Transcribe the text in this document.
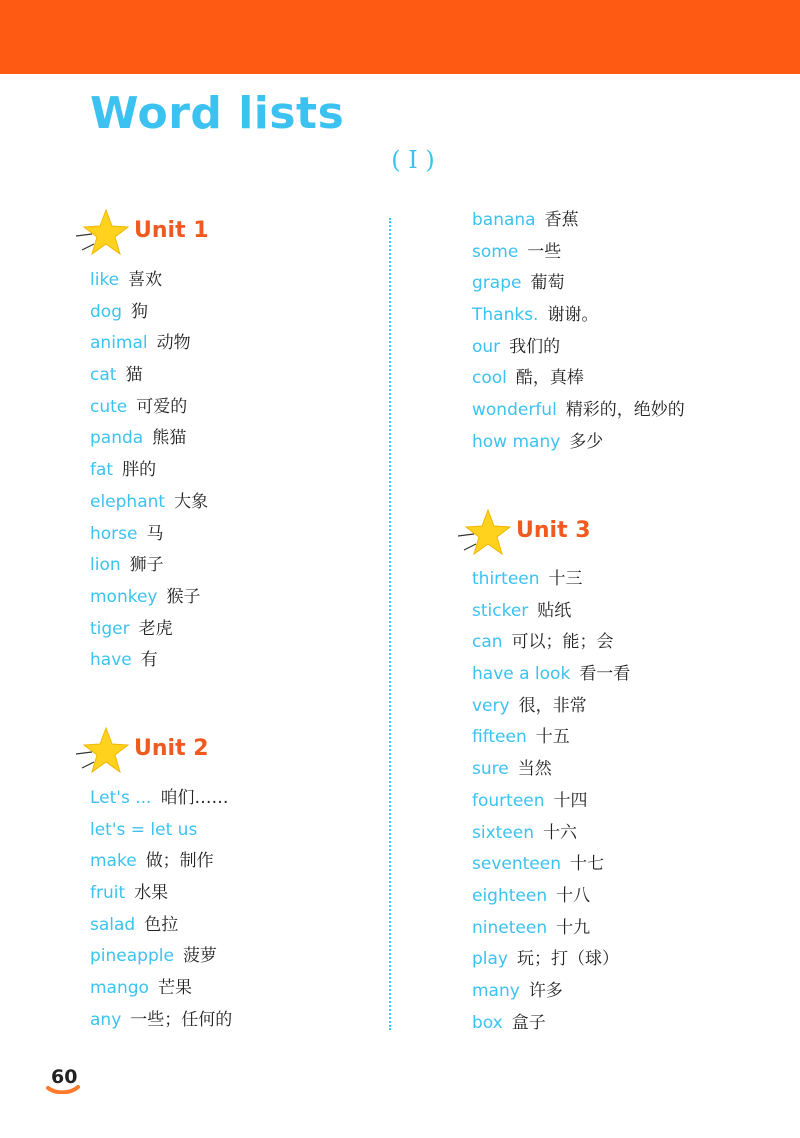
Word lists
( I )
Unit 1
like 喜欢
dog 狗
animal 动物
cat 猫
cute 可爱的
panda 熊猫
fat 胖的
elephant 大象
horse 马
lion 狮子
monkey 猴子
tiger 老虎
have 有
Unit 2
Let's ... 咱们……
let's = let us
make 做；制作
fruit 水果
salad 色拉
pineapple 菠萝
mango 芒果
any 一些；任何的
banana 香蕉
some 一些
grape 葡萄
Thanks. 谢谢。
our 我们的
cool 酷，真棒
wonderful 精彩的，绝妙的
how many 多少
Unit 3
thirteen 十三
sticker 贴纸
can 可以；能；会
have a look 看一看
very 很，非常
fifteen 十五
sure 当然
fourteen 十四
sixteen 十六
seventeen 十七
eighteen 十八
nineteen 十九
play 玩；打（球）
many 许多
box 盒子
60
